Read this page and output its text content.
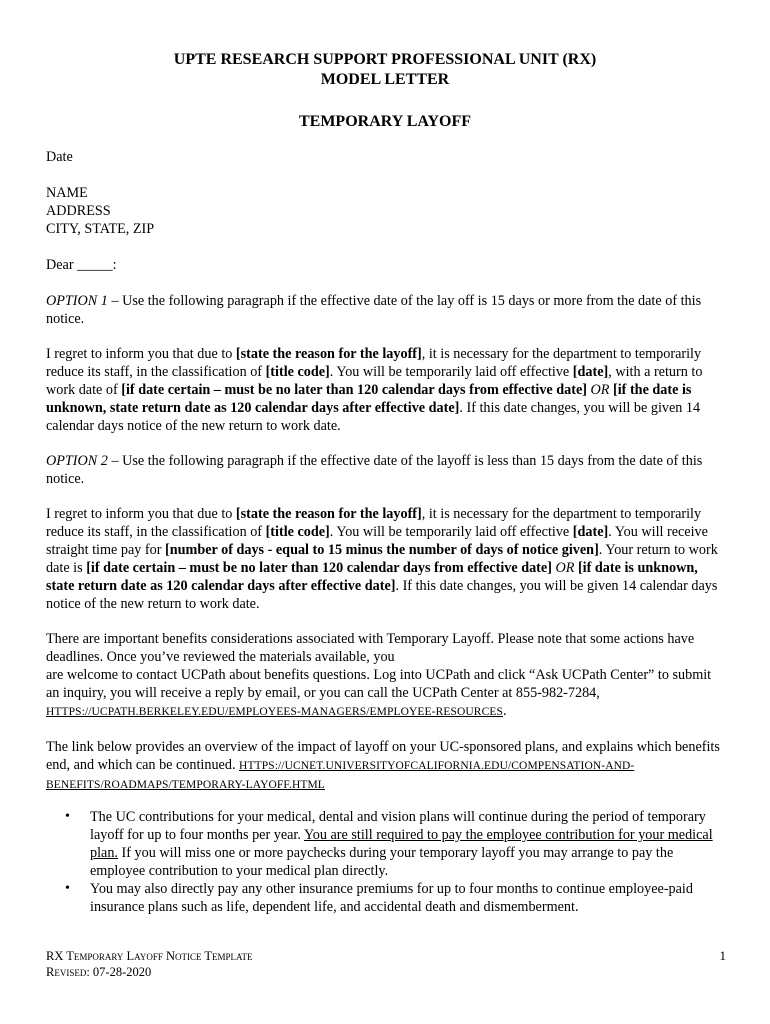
UPTE RESEARCH SUPPORT PROFESSIONAL UNIT (RX)
MODEL LETTER
TEMPORARY LAYOFF

Date

NAME

ADDRESS

CITY, STATE, ZIP

Dear _____:

OPTION 1 – Use the following paragraph if the effective date of the lay off is 15 days or more from the date of this notice.

I regret to inform you that due to [state the reason for the layoff], it is necessary for the department to temporarily reduce its staff, in the classification of [title code]. You will be temporarily laid off effective [date], with a return to work date of [if date certain – must be no later than 120 calendar days from effective date] OR [if the date is unknown, state return date as 120 calendar days after effective date]. If this date changes, you will be given 14 calendar days notice of the new return to work date.

OPTION 2 – Use the following paragraph if the effective date of the layoff is less than 15 days from the date of this notice.

I regret to inform you that due to [state the reason for the layoff], it is necessary for the department to temporarily reduce its staff, in the classification of [title code]. You will be temporarily laid off effective [date]. You will receive straight time pay for [number of days - equal to 15 minus the number of days of notice given]. Your return to work date is [if date certain – must be no later than 120 calendar days from effective date] OR [if date is unknown, state return date as 120 calendar days after effective date]. If this date changes, you will be given 14 calendar days notice of the new return to work date.

There are important benefits considerations associated with Temporary Layoff. Please note that some actions have deadlines. Once you’ve reviewed the materials available, you

are welcome to contact UCPath about benefits questions. Log into UCPath and click “Ask UCPath Center” to submit an inquiry, you will receive a reply by email, or you can call the UCPath Center at 855-982-7284, HTTPS://UCPATH.BERKELEY.EDU/EMPLOYEES-MANAGERS/EMPLOYEE-RESOURCES.

The link below provides an overview of the impact of layoff on your UC-sponsored plans, and explains which benefits end, and which can be continued. HTTPS://UCNET.UNIVERSITYOFCALIFORNIA.EDU/COMPENSATION-AND-BENEFITS/ROADMAPS/TEMPORARY-LAYOFF.HTML

• The UC contributions for your medical, dental and vision plans will continue during the period of temporary layoff for up to four months per year. You are still required to pay the employee contribution for your medical plan. If you will miss one or more paychecks during your temporary layoff you may arrange to pay the employee contribution to your medical plan directly.
• You may also directly pay any other insurance premiums for up to four months to continue employee-paid insurance plans such as life, dependent life, and accidental death and dismemberment.
RX Temporary Layoff Notice Template
Revised: 07-28-2020
1
